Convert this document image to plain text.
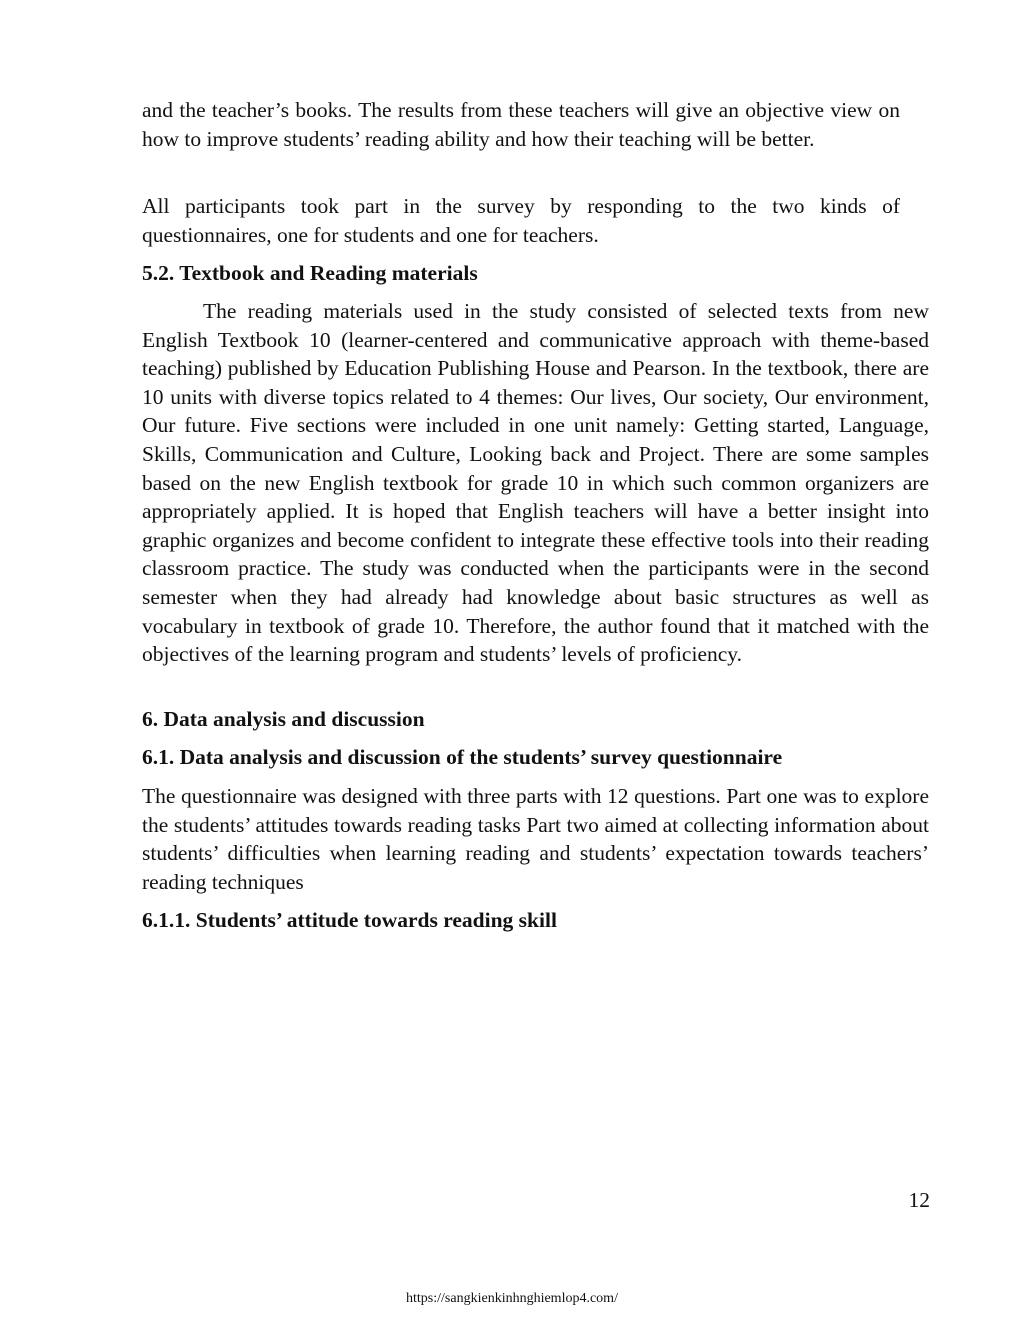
and the teacher’s books. The results from these teachers will give an objective view on how to improve students’ reading ability and how their teaching will be better.

All participants took part in the survey by responding to the two kinds of questionnaires, one for students and one for teachers.

5.2. Textbook and Reading materials

The reading materials used in the study consisted of selected texts from new English Textbook 10 (learner-centered and communicative approach with theme-based teaching) published by Education Publishing House and Pearson. In the textbook, there are 10 units with diverse topics related to 4 themes: Our lives, Our society, Our environment, Our future. Five sections were included in one unit namely: Getting started, Language, Skills, Communication and Culture, Looking back and Project. There are some samples based on the new English textbook for grade 10 in which such common organizers are appropriately applied. It is hoped that English teachers will have a better insight into graphic organizes and become confident to integrate these effective tools into their reading classroom practice. The study was conducted when the participants were in the second semester when they had already had knowledge about basic structures as well as vocabulary in textbook of grade 10. Therefore, the author found that it matched with the objectives of the learning program and students’ levels of proficiency.

6. Data analysis and discussion

6.1. Data analysis and discussion of the students’ survey questionnaire

The questionnaire was designed with three parts with 12 questions. Part one was to explore the students’ attitudes towards reading tasks Part two aimed at collecting information about students’ difficulties when learning reading and students’ expectation towards teachers’ reading techniques

6.1.1. Students’ attitude towards reading skill

12
https://sangkienkinhnghiemlop4.com/
